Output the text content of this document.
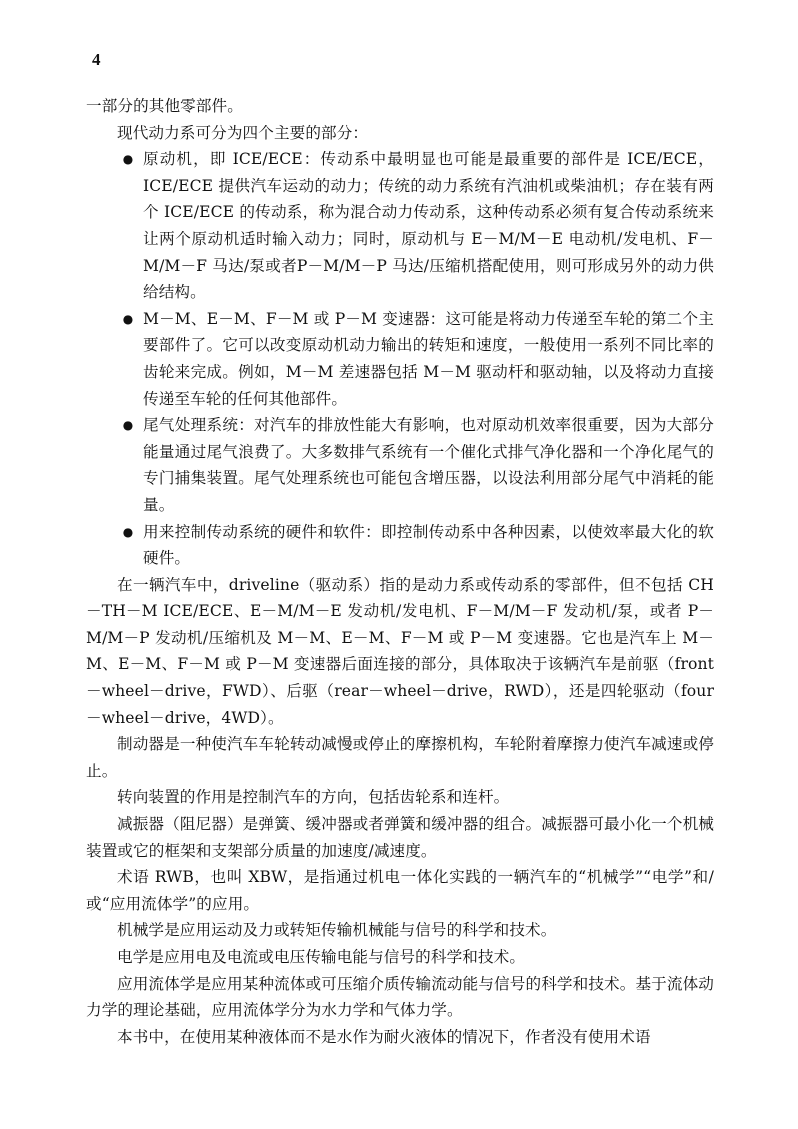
4

一部分的其他零部件。

现代动力系可分为四个主要的部分：

● 原动机，即 ICE/ECE：传动系中最明显也可能是最重要的部件是 ICE/ECE，ICE/ECE 提供汽车运动的动力；传统的动力系统有汽油机或柴油机；存在装有两个 ICE/ECE 的传动系，称为混合动力传动系，这种传动系必须有复合传动系统来让两个原动机适时输入动力；同时，原动机与 E－M/M－E 电动机/发电机、F－M/M－F 马达/泵或者P－M/M－P 马达/压缩机搭配使用，则可形成另外的动力供给结构。
● M－M、E－M、F－M 或 P－M 变速器：这可能是将动力传递至车轮的第二个主要部件了。它可以改变原动机动力输出的转矩和速度，一般使用一系列不同比率的齿轮来完成。例如，M－M 差速器包括 M－M 驱动杆和驱动轴，以及将动力直接传递至车轮的任何其他部件。
● 尾气处理系统：对汽车的排放性能大有影响，也对原动机效率很重要，因为大部分能量通过尾气浪费了。大多数排气系统有一个催化式排气净化器和一个净化尾气的专门捕集装置。尾气处理系统也可能包含增压器，以设法利用部分尾气中消耗的能量。
● 用来控制传动系统的硬件和软件：即控制传动系中各种因素，以使效率最大化的软硬件。

在一辆汽车中，driveline（驱动系）指的是动力系或传动系的零部件，但不包括 CH－TH－M ICE/ECE、E－M/M－E 发动机/发电机、F－M/M－F 发动机/泵，或者 P－M/M－P 发动机/压缩机及 M－M、E－M、F－M 或 P－M 变速器。它也是汽车上 M－M、E－M、F－M 或 P－M 变速器后面连接的部分，具体取决于该辆汽车是前驱（front－wheel－drive，FWD）、后驱（rear－wheel－drive，RWD），还是四轮驱动（four－wheel－drive，4WD）。

制动器是一种使汽车车轮转动减慢或停止的摩擦机构，车轮附着摩擦力使汽车减速或停止。

转向装置的作用是控制汽车的方向，包括齿轮系和连杆。

减振器（阻尼器）是弹簧、缓冲器或者弹簧和缓冲器的组合。减振器可最小化一个机械装置或它的框架和支架部分质量的加速度/减速度。

术语 RWB，也叫 XBW，是指通过机电一体化实践的一辆汽车的“机械学”“电学”和/或“应用流体学”的应用。

机械学是应用运动及力或转矩传输机械能与信号的科学和技术。

电学是应用电及电流或电压传输电能与信号的科学和技术。

应用流体学是应用某种流体或可压缩介质传输流动能与信号的科学和技术。基于流体动力学的理论基础，应用流体学分为水力学和气体力学。

本书中，在使用某种液体而不是水作为耐火液体的情况下，作者没有使用术语
